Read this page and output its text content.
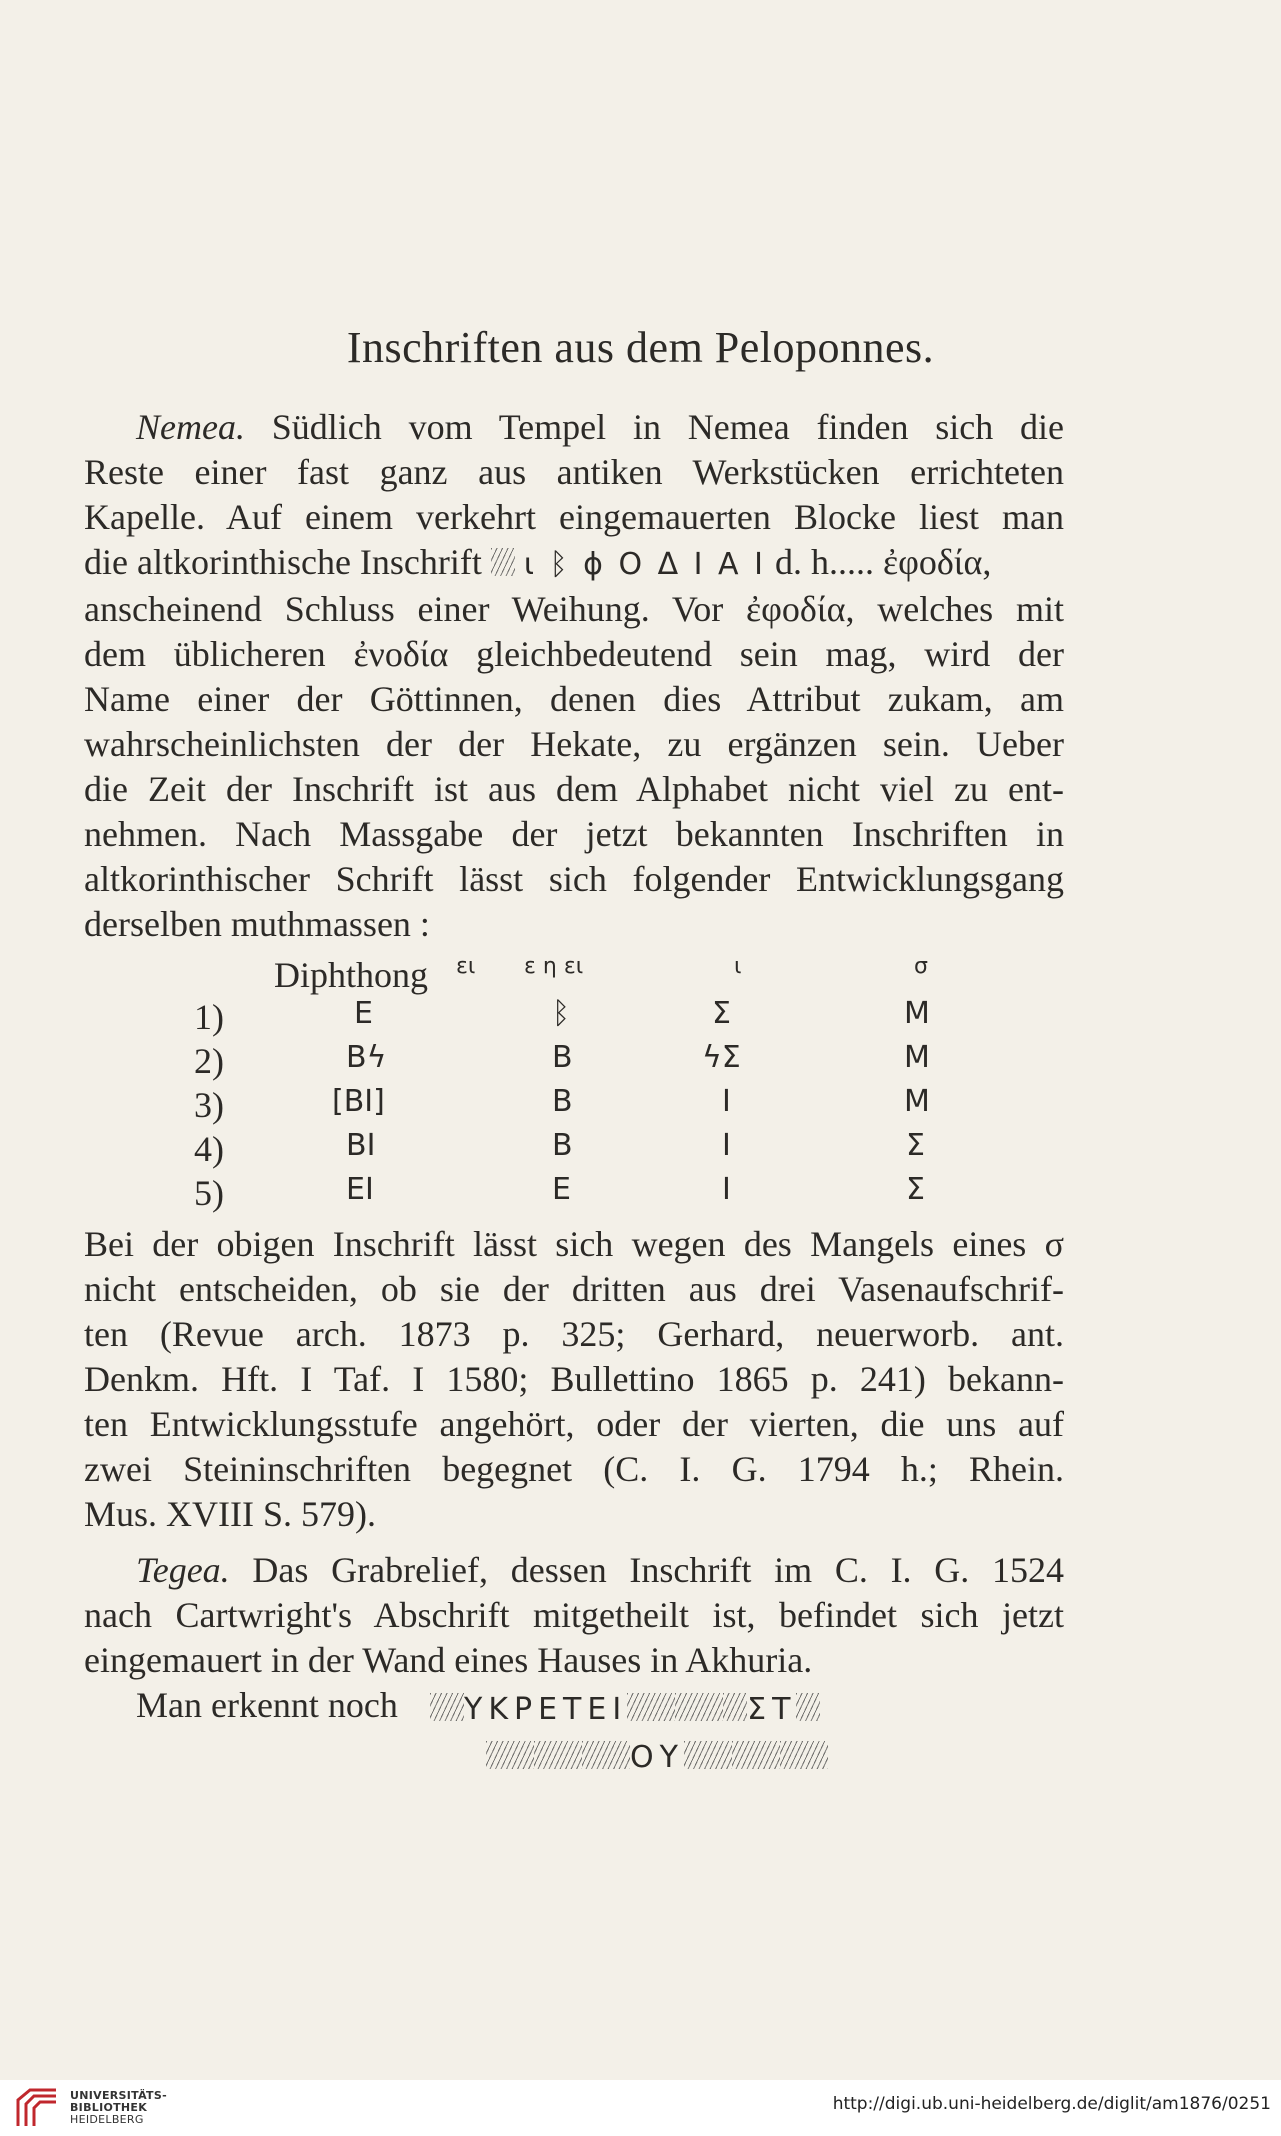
Inschriften aus dem Peloponnes.
Nemea. Südlich vom Tempel in Nemea finden sich die
Reste einer fast ganz aus antiken Werkstücken errichteten
Kapelle. Auf einem verkehrt eingemauerten Blocke liest man
die altkorinthische Inschrift  ι ᛒ ϕ Ο Δ Ι Α Ι d. h..... ἐφοδία,
anscheinend Schluss einer Weihung. Vor ἐφοδία, welches mit
dem üblicheren ἐνοδία gleichbedeutend sein mag, wird der
Name einer der Göttinnen, denen dies Attribut zukam, am
wahrscheinlichsten der der Hekate, zu ergänzen sein. Ueber
die Zeit der Inschrift ist aus dem Alphabet nicht viel zu ent-
nehmen. Nach Massgabe der jetzt bekannten Inschriften in
altkorinthischer Schrift lässt sich folgender Entwicklungsgang
derselben muthmassen :
Diphthong ει ε η ει	ι	σ
1)	E	ᛒ	Σ	M
2)	Bϟ	B	ϟΣ	M
3)	[BI]	B	I	M
4)	BI	B	I	Σ
5)	EI	E	I	Σ
Bei der obigen Inschrift lässt sich wegen des Mangels eines σ
nicht entscheiden, ob sie der dritten aus drei Vasenaufschrif-
ten (Revue arch. 1873 p. 325; Gerhard, neuerworb. ant.
Denkm. Hft. I Taf. I 1580; Bullettino 1865 p. 241) bekann-
ten Entwicklungsstufe angehört, oder der vierten, die uns auf
zwei Steininschriften begegnet (C. I. G. 1794 h.; Rhein.
Mus. XVIII S. 579).
Tegea. Das Grabrelief, dessen Inschrift im C. I. G. 1524
nach Cartwright's Abschrift mitgetheilt ist, befindet sich jetzt
eingemauert in der Wand eines Hauses in Akhuria.
Man erkennt noch	YKPETEI	ΣΤ
ΟΥ
UNIVERSITÄTS-
BIBLIOTHEK
HEIDELBERG
http://digi.ub.uni-heidelberg.de/diglit/am1876/0251
